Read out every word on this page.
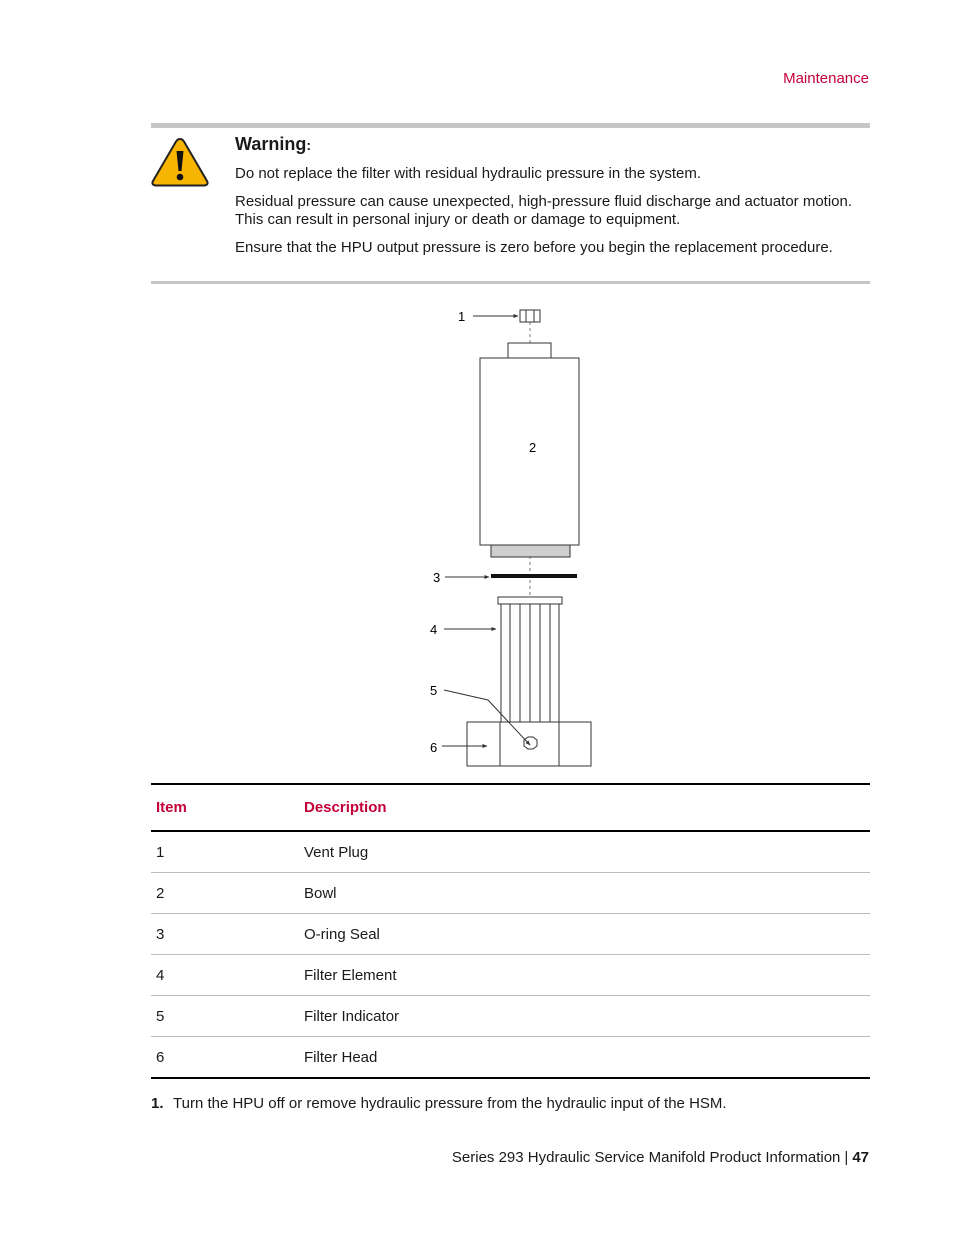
Maintenance
Warning:

Do not replace the filter with residual hydraulic pressure in the system.

Residual pressure can cause unexpected, high-pressure fluid discharge and actuator motion. This can result in personal injury or death or damage to equipment.

Ensure that the HPU output pressure is zero before you begin the replacement procedure.

1
2
3
4
5
6
Item	Description
1	Vent Plug
2	Bowl
3	O-ring Seal
4	Filter Element
5	Filter Indicator
6	Filter Head
1. Turn the HPU off or remove hydraulic pressure from the hydraulic input of the HSM.
Series 293 Hydraulic Service Manifold Product Information | 47
